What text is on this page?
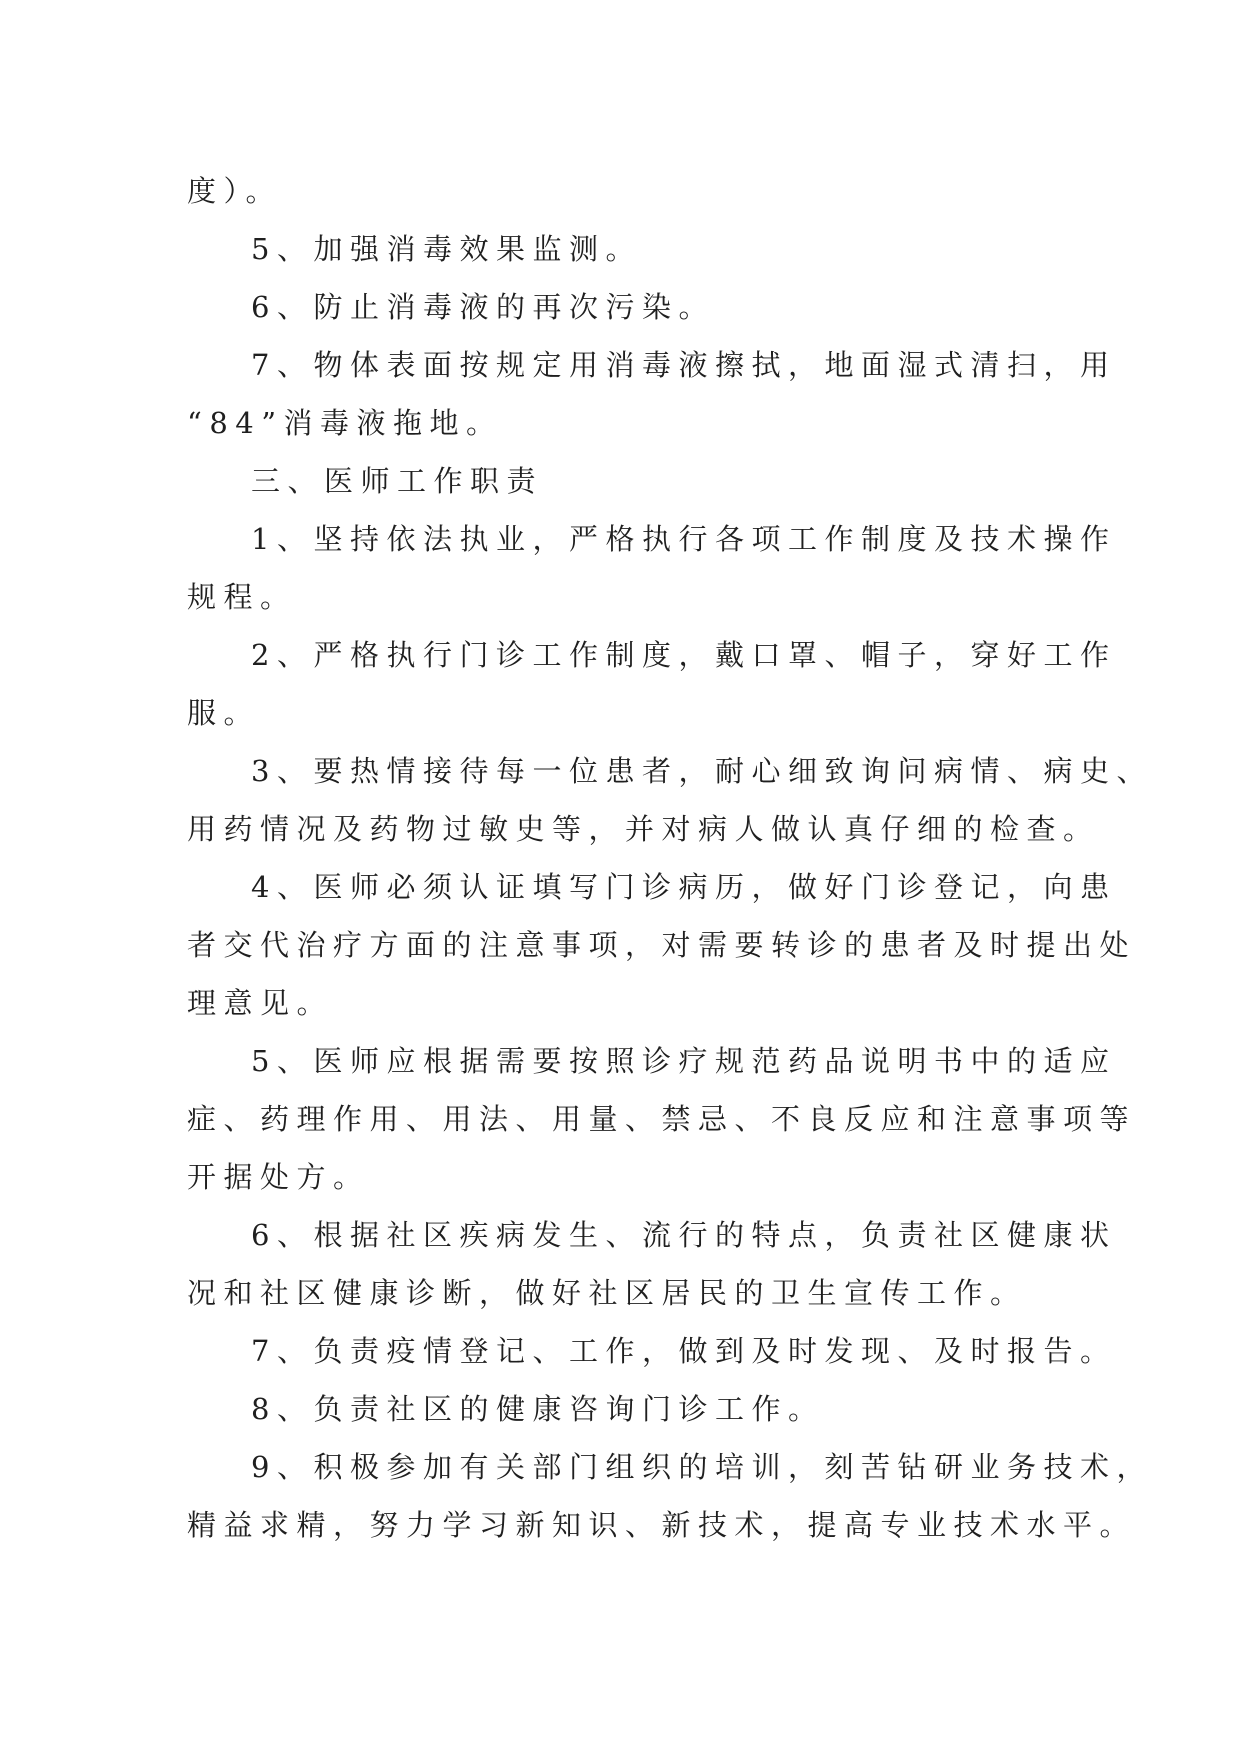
度）。
5、加强消毒效果监测。
6、防止消毒液的再次污染。
7、物体表面按规定用消毒液擦拭，地面湿式清扫，用
“84”消毒液拖地。
三、医师工作职责
1、坚持依法执业，严格执行各项工作制度及技术操作
规程。
2、严格执行门诊工作制度，戴口罩、帽子，穿好工作
服。
3、要热情接待每一位患者，耐心细致询问病情、病史、
用药情况及药物过敏史等，并对病人做认真仔细的检查。
4、医师必须认证填写门诊病历，做好门诊登记，向患
者交代治疗方面的注意事项，对需要转诊的患者及时提出处
理意见。
5、医师应根据需要按照诊疗规范药品说明书中的适应
症、药理作用、用法、用量、禁忌、不良反应和注意事项等
开据处方。
6、根据社区疾病发生、流行的特点，负责社区健康状
况和社区健康诊断，做好社区居民的卫生宣传工作。
7、负责疫情登记、工作，做到及时发现、及时报告。
8、负责社区的健康咨询门诊工作。
9、积极参加有关部门组织的培训，刻苦钻研业务技术，
精益求精，努力学习新知识、新技术，提高专业技术水平。
